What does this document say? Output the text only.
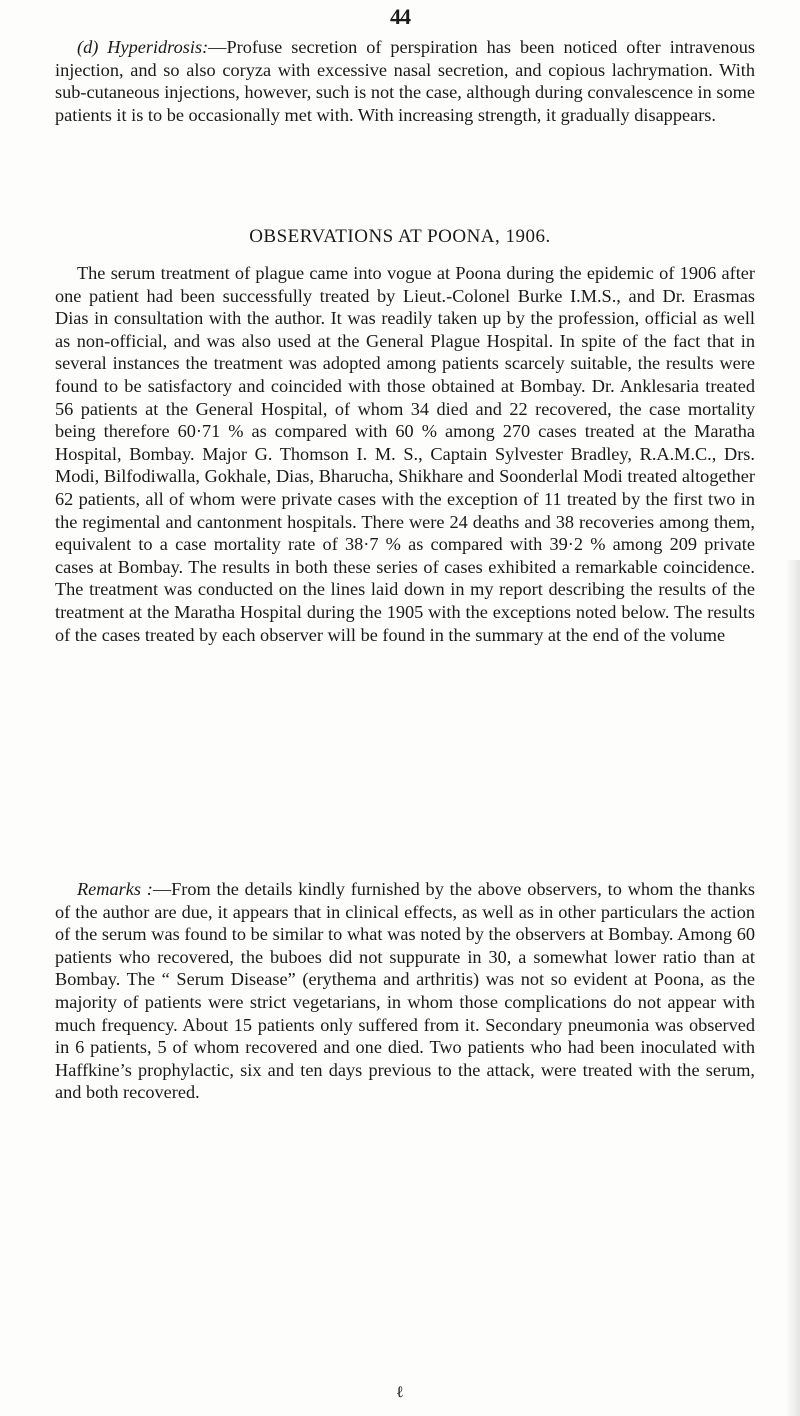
44

(d) Hyperidrosis:—Profuse secretion of perspiration has been noticed ofter intravenous injection, and so also coryza with excessive nasal secretion, and copious lachrymation. With sub-cutaneous injections, however, such is not the case, although during convalescence in some patients it is to be occasionally met with. With increasing strength, it gradually disappears.

OBSERVATIONS AT POONA, 1906.

The serum treatment of plague came into vogue at Poona during the epidemic of 1906 after one patient had been successfully treated by Lieut.-Colonel Burke I.M.S., and Dr. Erasmas Dias in consultation with the author. It was readily taken up by the profession, official as well as non-official, and was also used at the General Plague Hospital. In spite of the fact that in several instances the treatment was adopted among patients scarcely suitable, the results were found to be satisfactory and coincided with those obtained at Bombay. Dr. Anklesaria treated 56 patients at the General Hospital, of whom 34 died and 22 recovered, the case mortality being therefore 60·71 % as compared with 60 % among 270 cases treated at the Maratha Hospital, Bombay. Major G. Thomson I. M. S., Captain Sylvester Bradley, R.A.M.C., Drs. Modi, Bilfodiwalla, Gokhale, Dias, Bharucha, Shikhare and Soonderlal Modi treated altogether 62 patients, all of whom were private cases with the exception of 11 treated by the first two in the regimental and cantonment hospitals. There were 24 deaths and 38 recoveries among them, equivalent to a case mortality rate of 38·7 % as compared with 39·2 % among 209 private cases at Bombay. The results in both these series of cases exhibited a remarkable coincidence. The treatment was conducted on the lines laid down in my report describing the results of the treatment at the Maratha Hospital during the 1905 with the exceptions noted below. The results of the cases treated by each observer will be found in the summary at the end of the volume

Remarks :—From the details kindly furnished by the above observers, to whom the thanks of the author are due, it appears that in clinical effects, as well as in other particulars the action of the serum was found to be similar to what was noted by the observers at Bombay. Among 60 patients who recovered, the buboes did not suppurate in 30, a somewhat lower ratio than at Bombay. The “ Serum Disease” (erythema and arthritis) was not so evident at Poona, as the majority of patients were strict vegetarians, in whom those complications do not appear with much frequency. About 15 patients only suffered from it. Secondary pneumonia was observed in 6 patients, 5 of whom recovered and one died. Two patients who had been inoculated with Haffkine’s prophylactic, six and ten days previous to the attack, were treated with the serum, and both recovered.

ℓ
